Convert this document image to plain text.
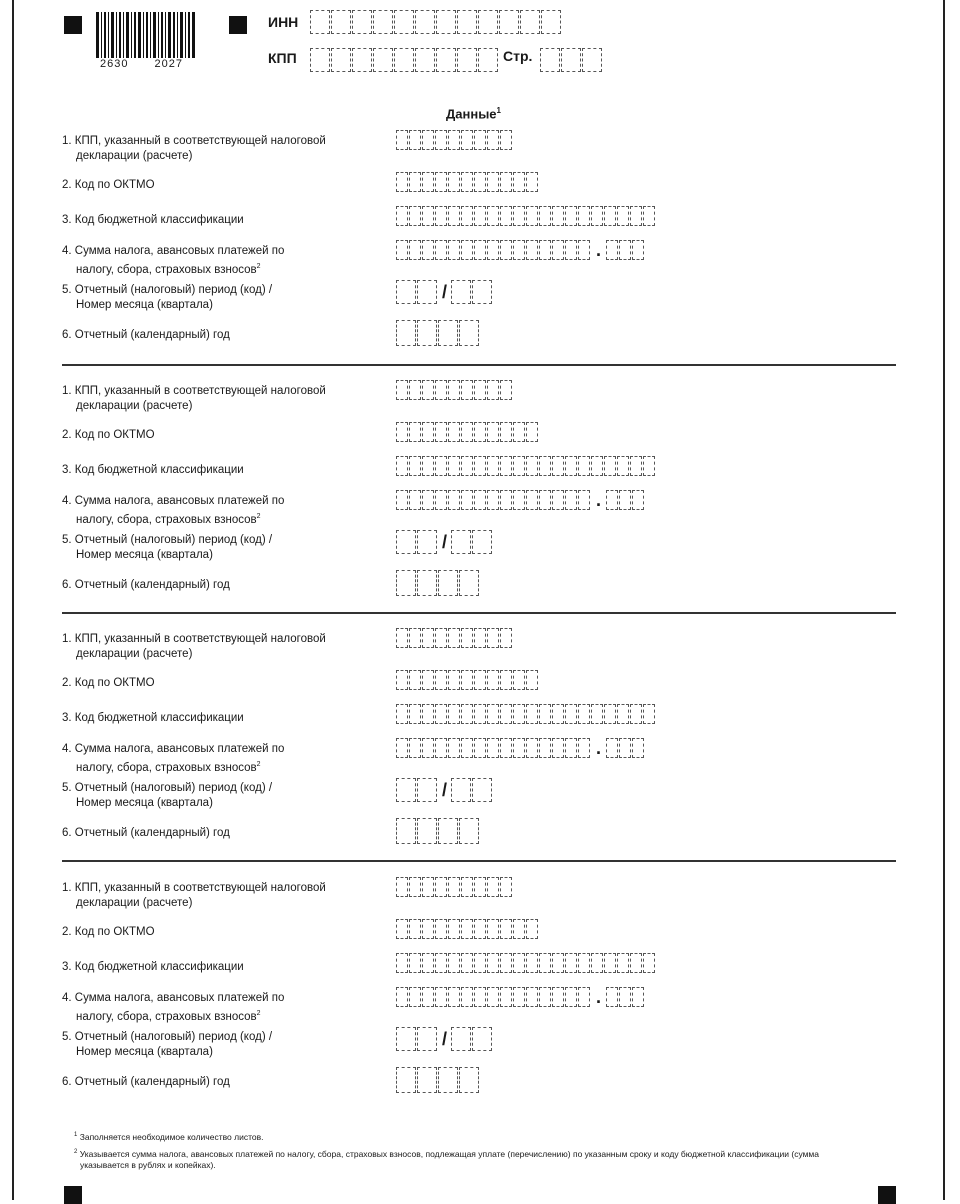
2630 2027
ИНН
КПП	Стр.
Данные$^1$
1. КПП, указанный в соответствующей налоговой
декларации (расчете)
2. Код по ОКТМО
3. Код бюджетной классификации
4. Сумма налога, авансовых платежей по
налогу, сбора, страховых взносов$^2$
.
5. Отчетный (налоговый) период (код) /
Номер месяца (квартала)
/
6. Отчетный (календарный) год
1. КПП, указанный в соответствующей налоговой
декларации (расчете)
2. Код по ОКТМО
3. Код бюджетной классификации
4. Сумма налога, авансовых платежей по
налогу, сбора, страховых взносов$^2$
.
5. Отчетный (налоговый) период (код) /
Номер месяца (квартала)
/
6. Отчетный (календарный) год
1. КПП, указанный в соответствующей налоговой
декларации (расчете)
2. Код по ОКТМО
3. Код бюджетной классификации
4. Сумма налога, авансовых платежей по
налогу, сбора, страховых взносов$^2$
.
5. Отчетный (налоговый) период (код) /
Номер месяца (квартала)
/
6. Отчетный (календарный) год
1. КПП, указанный в соответствующей налоговой
декларации (расчете)
2. Код по ОКТМО
3. Код бюджетной классификации
4. Сумма налога, авансовых платежей по
налогу, сбора, страховых взносов$^2$
.
5. Отчетный (налоговый) период (код) /
Номер месяца (квартала)
/
6. Отчетный (календарный) год
$^1$ Заполняется необходимое количество листов.
$^2$ Указывается сумма налога, авансовых платежей по налогу, сбора, страховых взносов, подлежащая уплате (перечислению) по указанным сроку и коду бюджетной классификации (сумма указывается в рублях и копейках).
